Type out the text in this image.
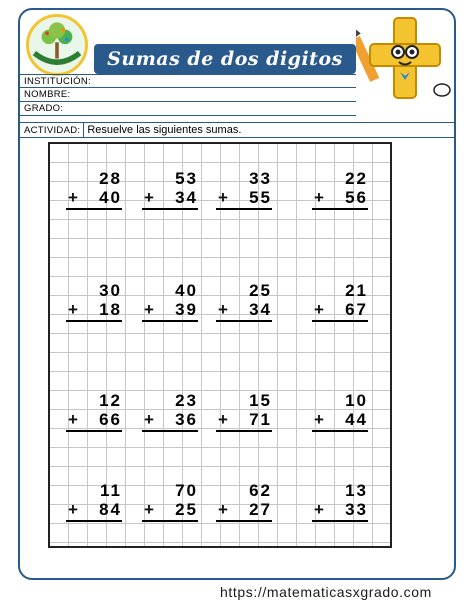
Sumas de dos digitos
INSTITUCIÓN:
NOMBRE:
GRADO:
ACTIVIDAD: Resuelve las siguientes sumas.
28
+ 40
53
+ 34
33
+ 55
22
+ 56
30
+ 18
40
+ 39
25
+ 34
21
+ 67
12
+ 66
23
+ 36
15
+ 71
10
+ 44
11
+ 84
70
+ 25
62
+ 27
13
+ 33
https://matematicasxgrado.com
